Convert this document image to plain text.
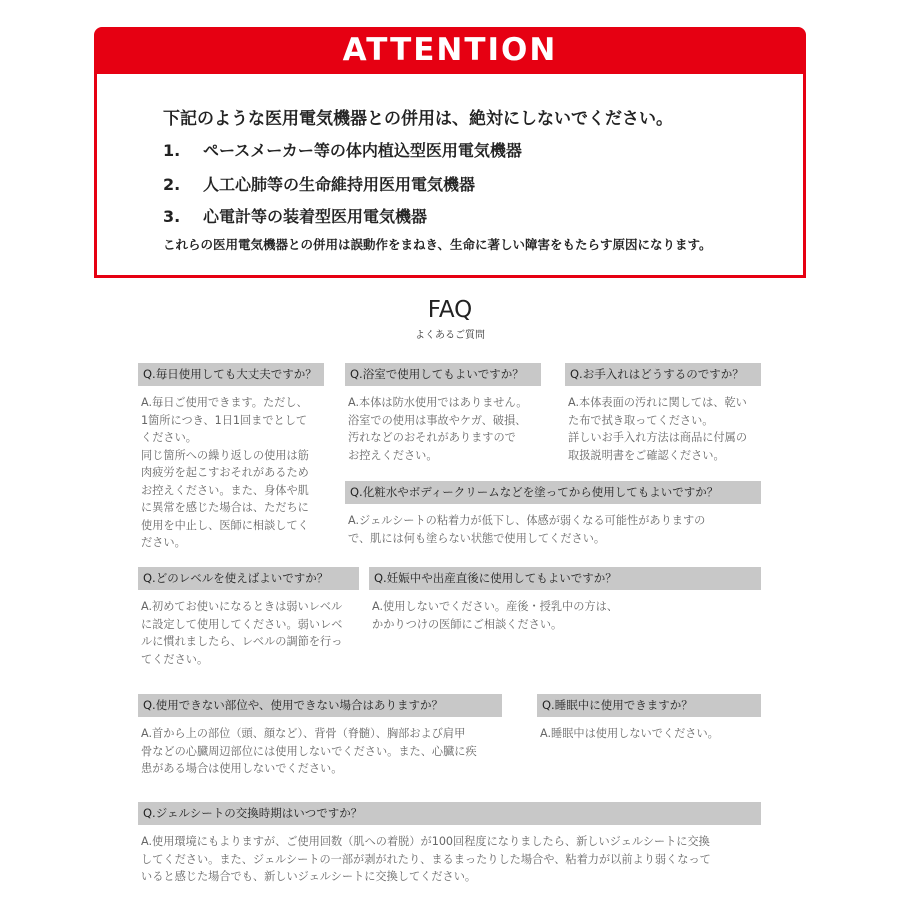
ATTENTION
下記のような医用電気機器との併用は、絶対にしないでください。
1. ペースメーカー等の体内植込型医用電気機器
2. 人工心肺等の生命維持用医用電気機器
3. 心電計等の装着型医用電気機器
これらの医用電気機器との併用は誤動作をまねき、生命に著しい障害をもたらす原因になります。
FAQ
よくあるご質問
Q.毎日使用しても大丈夫ですか？
A.毎日ご使用できます。ただし、
1箇所につき、1日1回までとして
ください。
同じ箇所への繰り返しの使用は筋
肉疲労を起こすおそれがあるため
お控えください。また、身体や肌
に異常を感じた場合は、ただちに
使用を中止し、医師に相談してく
ださい。
Q.浴室で使用してもよいですか？
A.本体は防水使用ではありません。
浴室での使用は事故やケガ、破損、
汚れなどのおそれがありますので
お控えください。
Q.お手入れはどうするのですか？
A.本体表面の汚れに関しては、乾い
た布で拭き取ってください。
詳しいお手入れ方法は商品に付属の
取扱説明書をご確認ください。
Q.化粧水やボディークリームなどを塗ってから使用してもよいですか？
A.ジェルシートの粘着力が低下し、体感が弱くなる可能性がありますの
で、肌には何も塗らない状態で使用してください。
Q.どのレベルを使えばよいですか？
A.初めてお使いになるときは弱いレベル
に設定して使用してください。弱いレベ
ルに慣れましたら、レベルの調節を行っ
てください。
Q.妊娠中や出産直後に使用してもよいですか？
A.使用しないでください。産後・授乳中の方は、
かかりつけの医師にご相談ください。
Q.使用できない部位や、使用できない場合はありますか？
A.首から上の部位（頭、顔など）、背骨（脊髄）、胸部および肩甲
骨などの心臓周辺部位には使用しないでください。また、心臓に疾
患がある場合は使用しないでください。
Q.睡眠中に使用できますか？
A.睡眠中は使用しないでください。
Q.ジェルシートの交換時期はいつですか？
A.使用環境にもよりますが、ご使用回数（肌への着脱）が100回程度になりましたら、新しいジェルシートに交換
してください。また、ジェルシートの一部が剥がれたり、まるまったりした場合や、粘着力が以前より弱くなって
いると感じた場合でも、新しいジェルシートに交換してください。
